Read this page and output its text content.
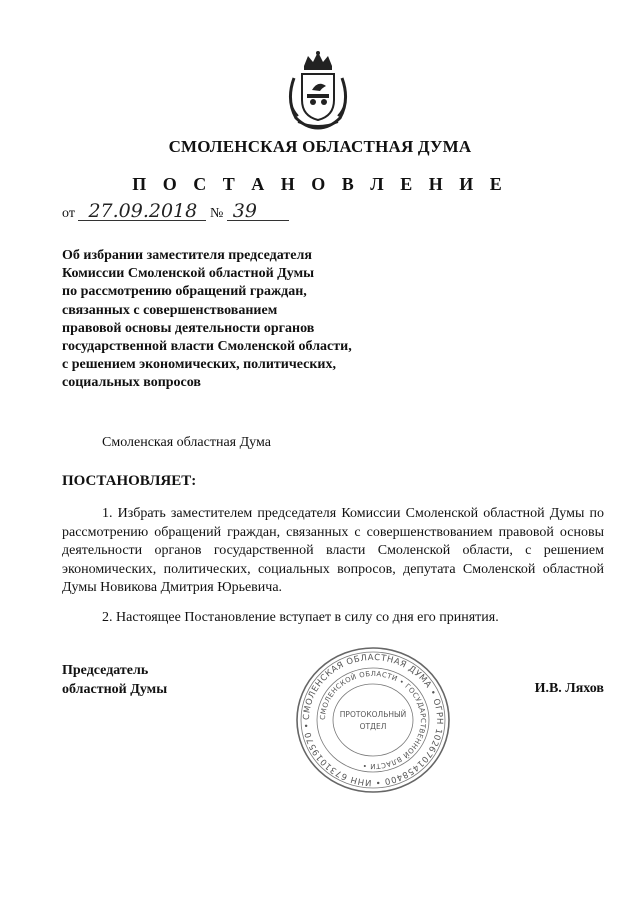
СМОЛЕНСКАЯ ОБЛАСТНАЯ ДУМА
П О С Т А Н О В Л Е Н И Е
от 27.09.2018 № 39
Об избрании заместителя председателя
Комиссии Смоленской областной Думы
по рассмотрению обращений граждан,
связанных с совершенствованием
правовой основы деятельности органов
государственной власти Смоленской области,
с решением экономических, политических,
социальных вопросов
Смоленская областная Дума
ПОСТАНОВЛЯЕТ:
1. Избрать заместителем председателя Комиссии Смоленской областной Думы по рассмотрению обращений граждан, связанных с совершенствованием правовой основы деятельности органов государственной власти Смоленской области, с решением экономических, политических, социальных вопросов, депутата Смоленской областной Думы Новикова Дмитрия Юрьевича.
2. Настоящее Постановление вступает в силу со дня его принятия.
Председатель
областной Думы	И.В. Ляхов
СМОЛЕНСКАЯ ОБЛАСТНАЯ ДУМА • ОГРН 1026701458400 • ИНН 6731019570 •
СМОЛЕНСКОЙ ОБЛАСТИ • ГОСУДАРСТВЕННОЙ ВЛАСТИ •
ПРОТОКОЛЬНЫЙ
ОТДЕЛ
